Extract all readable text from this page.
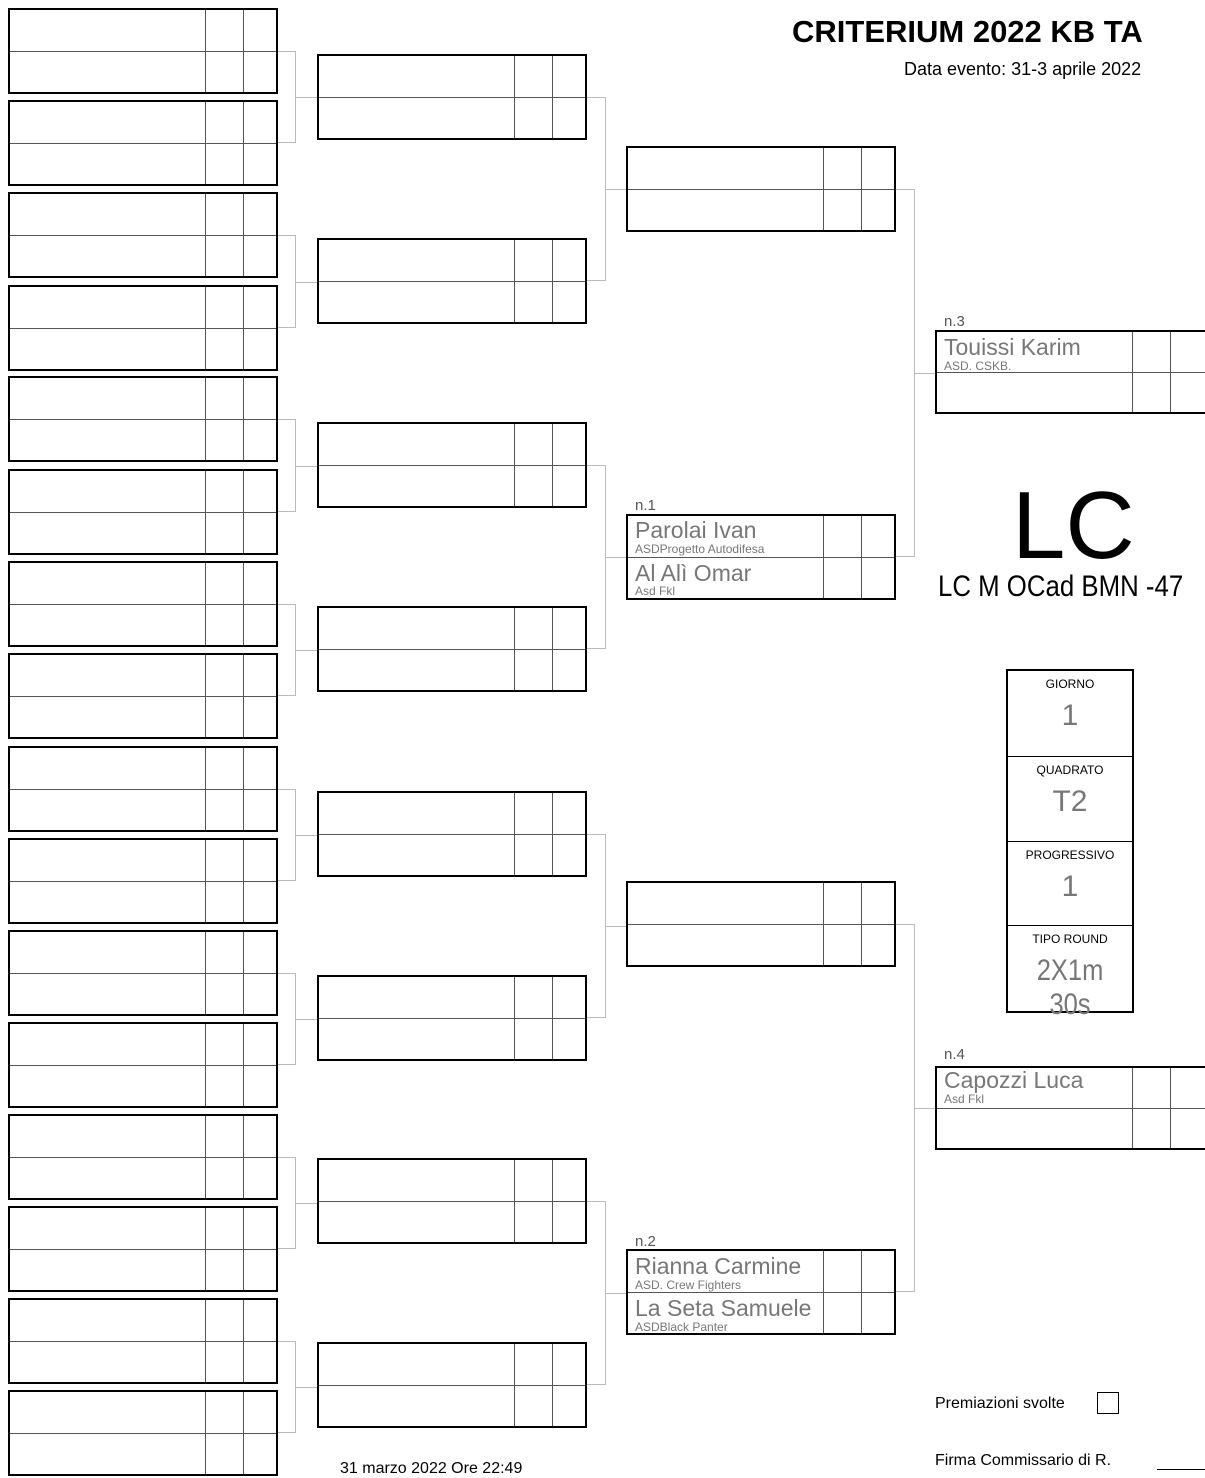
CRITERIUM 2022 KB TA
Data evento: 31-3 aprile 2022
LC
LC M OCad BMN -47
n.1
Parolai Ivan
ASDProgetto Autodifesa
Al Alì Omar
Asd Fkl
n.2
Rianna Carmine
ASD. Crew Fighters
La Seta Samuele
ASDBlack Panter
n.3
Touissi Karim
ASD. CSKB.
n.4
Capozzi Luca
Asd Fkl
GIORNO
1
QUADRATO
T2
PROGRESSIVO
1
TIPO ROUND
2X1m 30s
Premiazioni svolte
Firma Commissario di R.
31 marzo 2022 Ore 22:49
